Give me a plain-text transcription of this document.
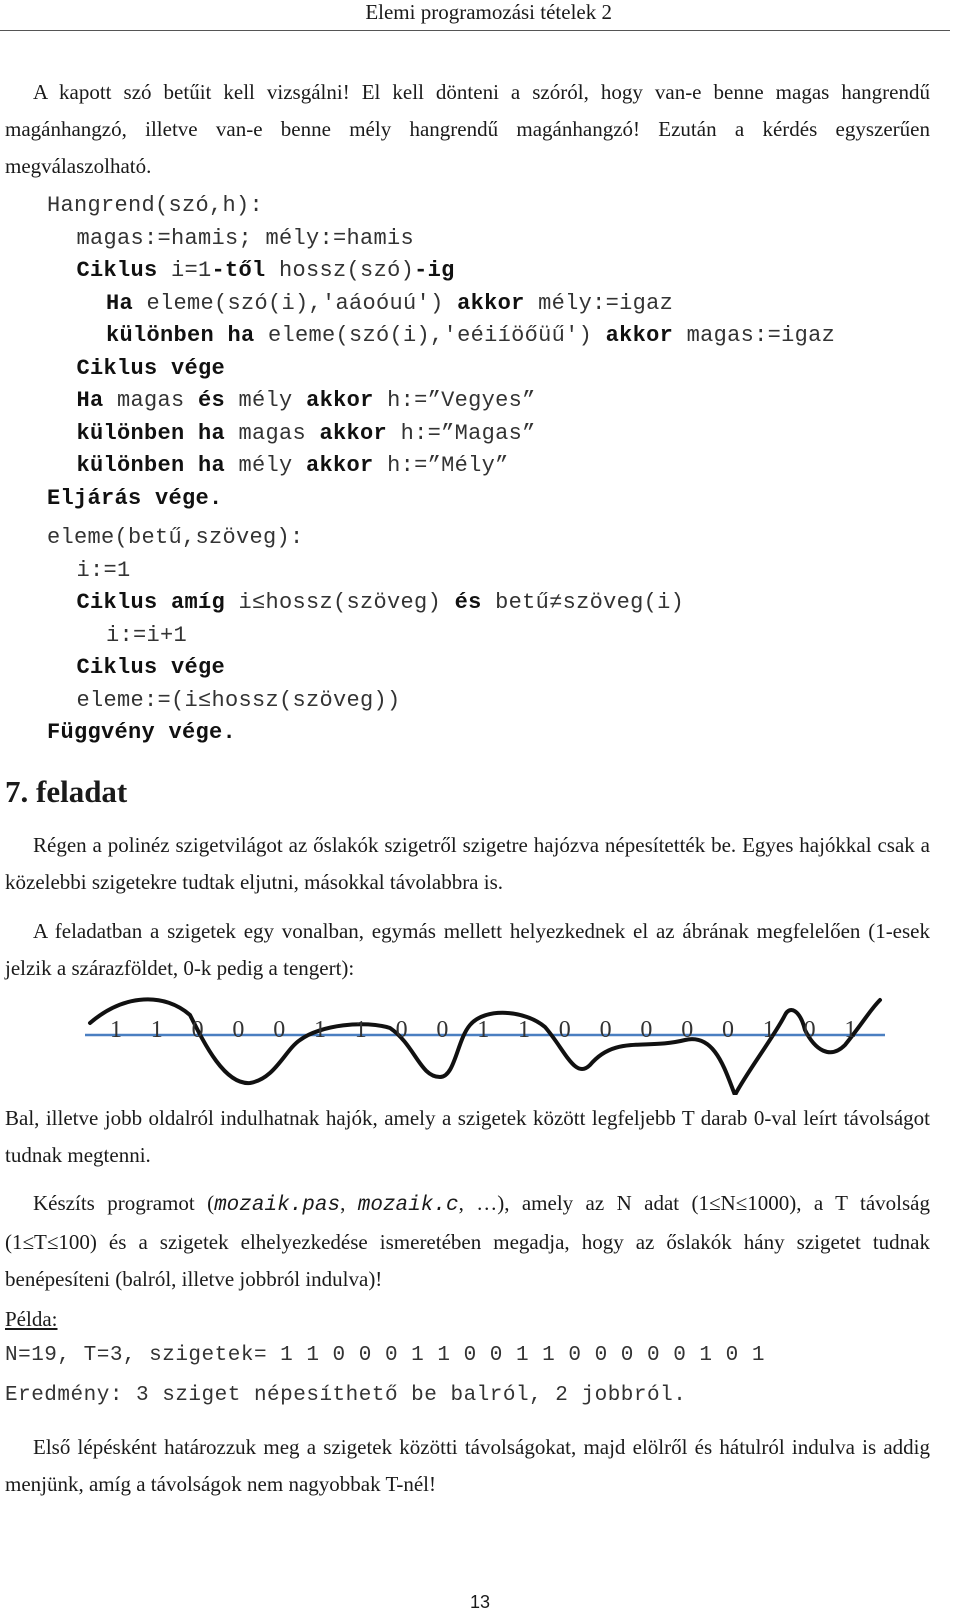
Elemi programozási tételek 2
A kapott szó betűit kell vizsgálni! El kell dönteni a szóról, hogy van-e benne magas hangrendű magánhangzó, illetve van-e benne mély hangrendű magánhangzó! Ezután a kérdés egyszerűen megválaszolható.
Hangrend(szó,h):
magas:=hamis; mély:=hamis
Ciklus i=1-től hossz(szó)-ig
Ha eleme(szó(i),'aáoóuú') akkor mély:=igaz
különben ha eleme(szó(i),'eéiíöőüű') akkor magas:=igaz
Ciklus vége
Ha magas és mély akkor h:=”Vegyes”
különben ha magas akkor h:=”Magas”
különben ha mély akkor h:=”Mély”
Eljárás vége.
eleme(betű,szöveg):
i:=1
Ciklus amíg i≤hossz(szöveg) és betű≠szöveg(i)
i:=i+1
Ciklus vége
eleme:=(i≤hossz(szöveg))
Függvény vége.
7. feladat
Régen a polinéz szigetvilágot az őslakók szigetről szigetre hajózva népesítették be. Egyes hajókkal csak a közelebbi szigetekre tudtak eljutni, másokkal távolabbra is.
A feladatban a szigetek egy vonalban, egymás mellett helyezkednek el az ábrának megfelelően (1-esek jelzik a szárazföldet, 0-k pedig a tengert):
1 1 0 0 0 1 1 0 0 1 1 0 0 0 0 0 1 0 1
Bal, illetve jobb oldalról indulhatnak hajók, amely a szigetek között legfeljebb T darab 0-val leírt távolságot tudnak megtenni.
Készíts programot (mozaik.pas, mozaik.c, …), amely az N adat (1≤N≤1000), a T távolság (1≤T≤100) és a szigetek elhelyezkedése ismeretében megadja, hogy az őslakók hány szigetet tudnak benépesíteni (balról, illetve jobbról indulva)!
Példa:
N=19, T=3, szigetek= 1 1 0 0 0 1 1 0 0 1 1 0 0 0 0 0 1 0 1
Eredmény: 3 sziget népesíthető be balról, 2 jobbról.
Első lépésként határozzuk meg a szigetek közötti távolságokat, majd elölről és hátulról indulva is addig menjünk, amíg a távolságok nem nagyobbak T-nél!
13
